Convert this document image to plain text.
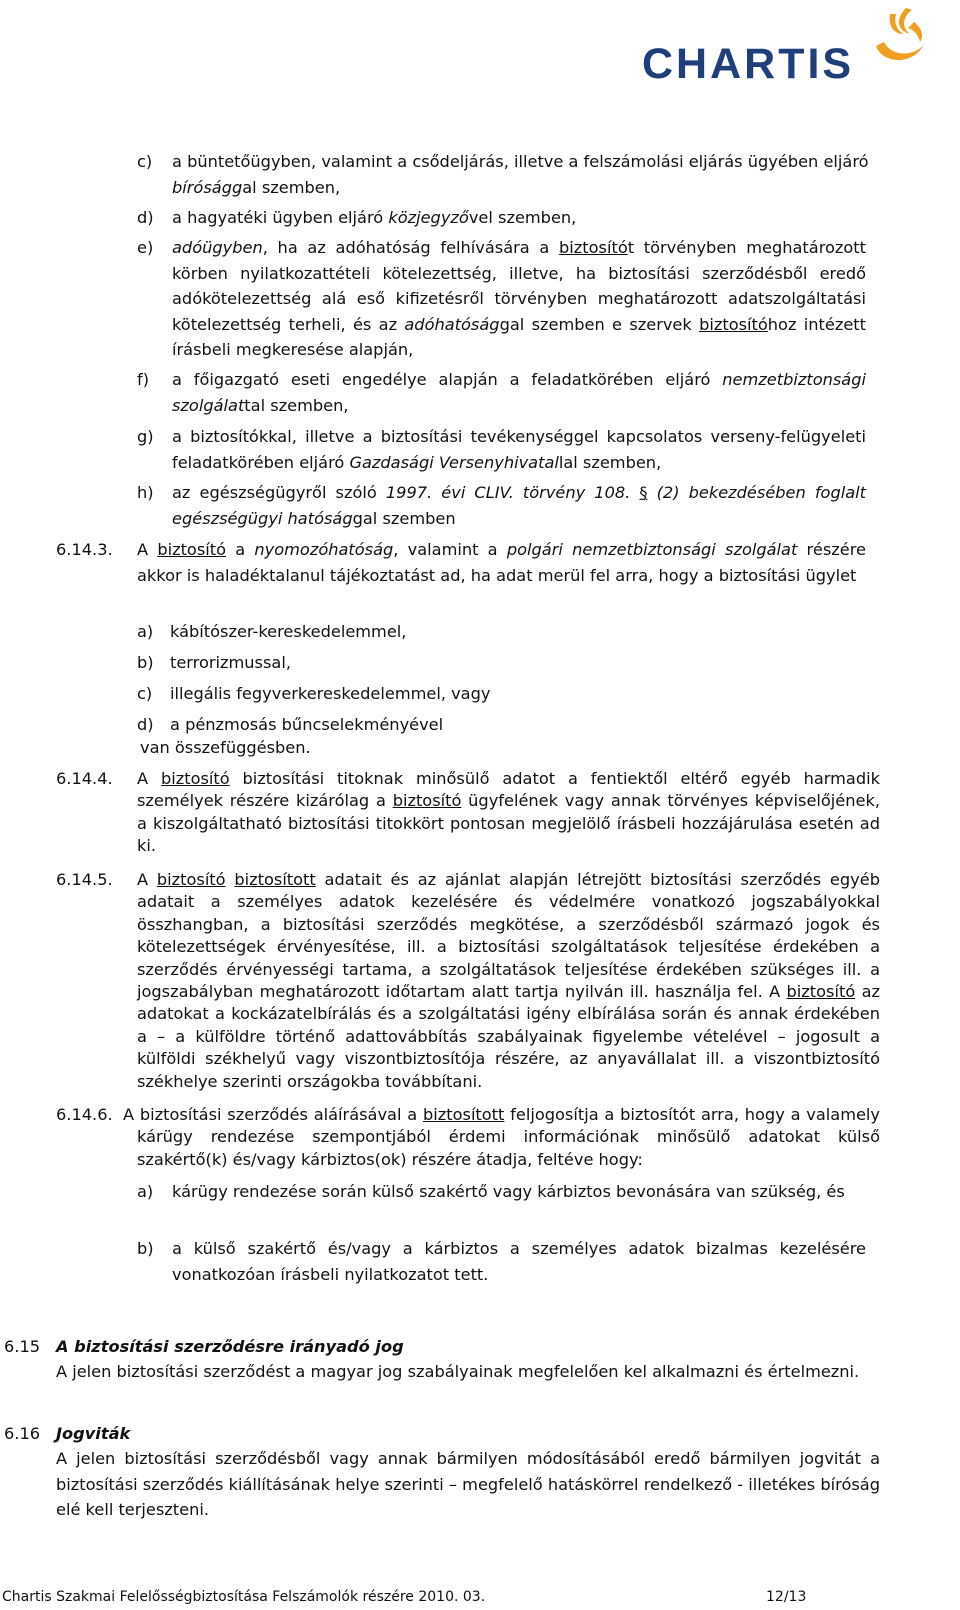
CHARTIS
c) a büntetőügyben, valamint a csődeljárás, illetve a felszámolási eljárás ügyében eljáró bírósággal szemben,
d) a hagyatéki ügyben eljáró közjegyzővel szemben,
e) adóügyben, ha az adóhatóság felhívására a biztosítót törvényben meghatározott körben nyilatkozattételi kötelezettség, illetve, ha biztosítási szerződésből eredő adókötelezettség alá eső kifizetésről törvényben meghatározott adatszolgáltatási kötelezettség terheli, és az adóhatósággal szemben e szervek biztosítóhoz intézett írásbeli megkeresése alapján,
f) a főigazgató eseti engedélye alapján a feladatkörében eljáró nemzetbiztonsági szolgálattal szemben,
g) a biztosítókkal, illetve a biztosítási tevékenységgel kapcsolatos verseny-felügyeleti feladatkörében eljáró Gazdasági Versenyhivatallal szemben,
h) az egészségügyről szóló 1997. évi CLIV. törvény 108. § (2) bekezdésében foglalt egészségügyi hatósággal szemben
6.14.3. A biztosító a nyomozóhatóság, valamint a polgári nemzetbiztonsági szolgálat részére akkor is haladéktalanul tájékoztatást ad, ha adat merül fel arra, hogy a biztosítási ügylet
a) kábítószer-kereskedelemmel,
b) terrorizmussal,
c) illegális fegyverkereskedelemmel, vagy
d) a pénzmosás bűncselekményével
van összefüggésben.
6.14.4. A biztosító biztosítási titoknak minősülő adatot a fentiektől eltérő egyéb harmadik személyek részére kizárólag a biztosító ügyfelének vagy annak törvényes képviselőjének, a kiszolgáltatható biztosítási titokkört pontosan megjelölő írásbeli hozzájárulása esetén ad ki.
6.14.5. A biztosító biztosított adatait és az ajánlat alapján létrejött biztosítási szerződés egyéb adatait a személyes adatok kezelésére és védelmére vonatkozó jogszabályokkal összhangban, a biztosítási szerződés megkötése, a szerződésből származó jogok és kötelezettségek érvényesítése, ill. a biztosítási szolgáltatások teljesítése érdekében a szerződés érvényességi tartama, a szolgáltatások teljesítése érdekében szükséges ill. a jogszabályban meghatározott időtartam alatt tartja nyilván ill. használja fel. A biztosító az adatokat a kockázatelbírálás és a szolgáltatási igény elbírálása során és annak érdekében a – a külföldre történő adattovábbítás szabályainak figyelembe vételével – jogosult a külföldi székhelyű vagy viszontbiztosítója részére, az anyavállalat ill. a viszontbiztosító székhelye szerinti országokba továbbítani.
6.14.6. A biztosítási szerződés aláírásával a biztosított feljogosítja a biztosítót arra, hogy a valamely kárügy rendezése szempontjából érdemi információnak minősülő adatokat külső szakértő(k) és/vagy kárbiztos(ok) részére átadja, feltéve hogy:
a) kárügy rendezése során külső szakértő vagy kárbiztos bevonására van szükség, és
b) a külső szakértő és/vagy a kárbiztos a személyes adatok bizalmas kezelésére vonatkozóan írásbeli nyilatkozatot tett.
6.15 A biztosítási szerződésre irányadó jog
A jelen biztosítási szerződést a magyar jog szabályainak megfelelően kel alkalmazni és értelmezni.
6.16 Jogviták
A jelen biztosítási szerződésből vagy annak bármilyen módosításából eredő bármilyen jogvitát a biztosítási szerződés kiállításának helye szerinti – megfelelő hatáskörrel rendelkező - illetékes bíróság elé kell terjeszteni.
Chartis Szakmai Felelősségbiztosítása Felszámolók részére 2010. 03.	12/13
